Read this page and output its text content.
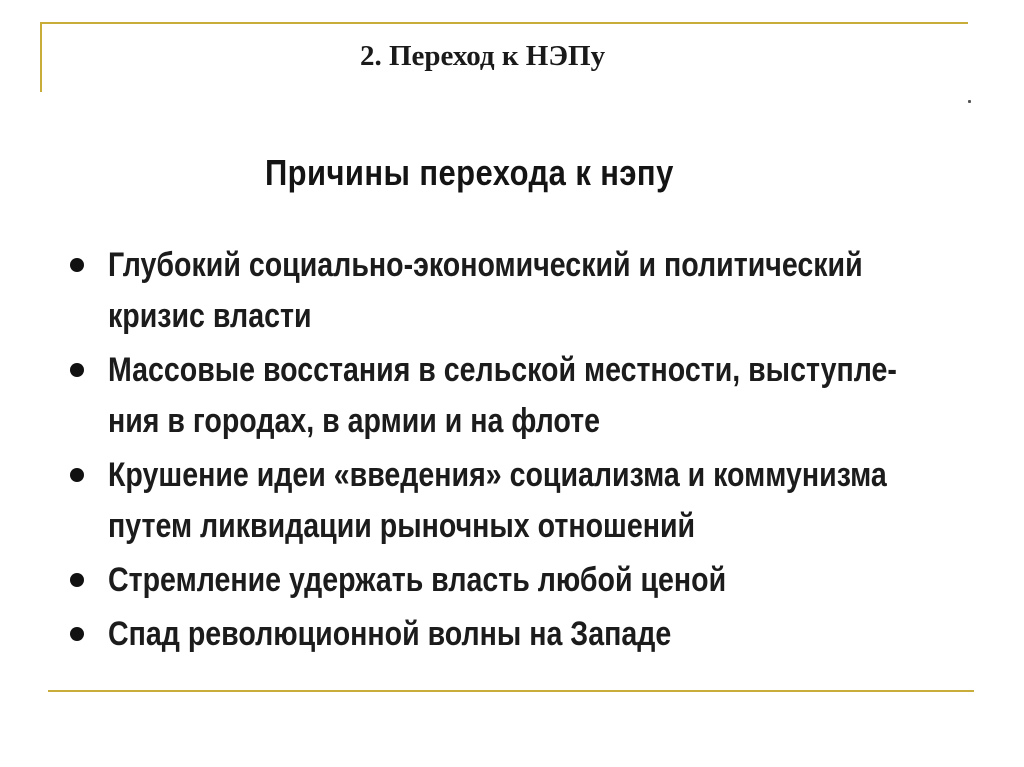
2. Переход к НЭПу
Причины перехода к нэпу
Глубокий социально-экономический и политический
кризис власти
Массовые восстания в сельской местности, выступле-
ния в городах, в армии и на флоте
Крушение идеи «введения» социализма и коммунизма
путем ликвидации рыночных отношений
Стремление удержать власть любой ценой
Спад революционной волны на Западе
